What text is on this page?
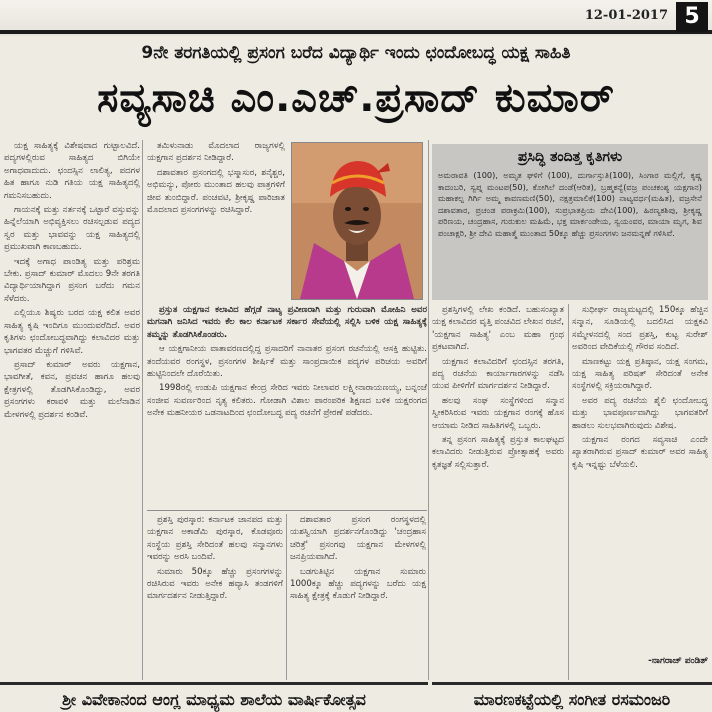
12-01-2017 5
9ನೇ ತರಗತಿಯಲ್ಲಿ ಪ್ರಸಂಗ ಬರೆದ ವಿದ್ಯಾರ್ಥಿ ಇಂದು ಛಂದೋಬದ್ಧ ಯಕ್ಷ ಸಾಹಿತಿ
ಸವ್ಯಸಾಚಿ ಎಂ.ಎಚ್.ಪ್ರಸಾದ್ ಕುಮಾರ್

ಯಕ್ಷ ಸಾಹಿತ್ಯಕ್ಕೆ ವಿಶೇಷವಾದ ಗುಟ್ಟಾಲವಿದೆ. ಪದ್ಯಗಳಲ್ಲಿರುವ ಸಾಹಿತ್ಯದ ಬಿಗಿಯೇ ಅಗಾಧವಾದುದು. ಛಂದಸ್ಸಿನ ಲಾಲಿತ್ಯ, ಪದಗಳ ಹಿತ ಹಾಗೂ ನುಡಿ ಗತಿಯ ಯಕ್ಷ ಸಾಹಿತ್ಯದಲ್ಲಿ ಗಮನಿಸಬಹುದು.

ಗಾಯನಕ್ಕೆ ಮತ್ತು ನರ್ತನಕ್ಕೆ ಒಟ್ಟಾರೆ ವಸ್ತುವನ್ನು ಹಿನ್ನೆಲೆಯಾಗಿ ಅಭಿವ್ಯಕ್ತಿಸಲು ರಚಿಸಲ್ಪಡುವ ಪದ್ಯದ ಸ್ವರ ಮತ್ತು ಭಾವವನ್ನು ಯಕ್ಷ ಸಾಹಿತ್ಯದಲ್ಲಿ ಪ್ರಮುಖವಾಗಿ ಕಾಣಬಹುದು.

ಇದಕ್ಕೆ ಅಗಾಧ ಪಾಂಡಿತ್ಯ ಮತ್ತು ಪರಿಶ್ರಮ ಬೇಕು. ಪ್ರಸಾದ್ ಕುಮಾರ್ ಮೊದಲು 9ನೇ ತರಗತಿ ವಿದ್ಯಾರ್ಥಿಯಾಗಿದ್ದಾಗ ಪ್ರಸಂಗ ಬರೆದು ಗಮನ ಸೆಳೆದರು.

ಎಲ್ಲಿಯೂ ಶಿಷ್ಯರು ಬರದ ಯಕ್ಷ ಕಲಿತ ಅವರ ಸಾಹಿತ್ಯ ಕೃಷಿ ಇಂದಿಗೂ ಮುಂದುವರೆದಿದೆ. ಅವರ ಕೃತಿಗಳು ಛಂದೋಬದ್ಧವಾಗಿದ್ದು ಕಲಾವಿದರ ಮತ್ತು ಭಾಗವತರ ಮೆಚ್ಚುಗೆ ಗಳಿಸಿವೆ.

ಪ್ರಸಾದ್ ಕುಮಾರ್ ಅವರು ಯಕ್ಷಗಾನ, ಭಾವಗೀತೆ, ಕವನ, ಪ್ರವಚನ ಹಾಗೂ ಹಲವು ಕ್ಷೇತ್ರಗಳಲ್ಲಿ ತೊಡಗಿಸಿಕೊಂಡಿದ್ದು, ಅವರ ಪ್ರಸಂಗಗಳು ಕರಾವಳಿ ಮತ್ತು ಮಲೆನಾಡಿನ ಮೇಳಗಳಲ್ಲಿ ಪ್ರದರ್ಶನ ಕಂಡಿವೆ.

ತಮಿಳುನಾಡು ಮೊದಲಾದ ರಾಜ್ಯಗಳಲ್ಲಿ ಯಕ್ಷಗಾನ ಪ್ರದರ್ಶನ ನೀಡಿದ್ದಾರೆ.

ದಶಾವತಾರ ಪ್ರಸಂಗದಲ್ಲಿ ಭಸ್ಮಾಸುರ, ಶನೈಶ್ಚರ, ಅಭಿಮನ್ಯು, ಪೋರು ಮುಂತಾದ ಹಲವು ಪಾತ್ರಗಳಿಗೆ ಜೀವ ತುಂಬಿದ್ದಾರೆ. ಪಂಚವಟಿ, ಶ್ರೀಕೃಷ್ಣ ಪಾರಿಜಾತ ಮೊದಲಾದ ಪ್ರಸಂಗಗಳನ್ನು ರಚಿಸಿದ್ದಾರೆ.

ಪ್ರಸಿದ್ಧಿ ತಂದಿತ್ತ ಕೃತಿಗಳು
ಅಮರಾವತಿ (100), ಅಮೃತ ಘಳಿಗೆ (100), ದುರ್ಗಾಸ್ತುತಿ(100), ಸಿಂಗಾರ ಮಲ್ಲಿಗೆ, ಕೃಷ್ಣ ಕಾದಂಬರಿ, ಸ್ವಪ್ನ ಮಂಟಪ(50), ಕೋಗಿಲೆ ದಂಡೆ(ಆರಿತ), ಬ್ರಹ್ಮಕನ್ಯೆ(ವಜ್ರ ಪಂಚಕಂಶ್ಯ ಯಕ್ಷಗಾನ) ಮಹಾಕಲ್ಪ ಗಿರ್ಗಿ ಅಮ್ಮ ಕಾವಣಮಣಿ(50), ನಕ್ಷತ್ರಮಾಲಿಕೆ(100) ನಾಟ್ಯವರ್ಧ(ಮಹಿತ), ವಜ್ರಸೇನೆ ದಶಾವತಾರ, ಪ್ರಚಂಡ ಪರಾಕ್ರಮಿ(100), ಸುಪ್ರಭಾತಪ್ರಿಯ ದೇವಿ(100), ಹಿರಣ್ಯಕಶಿಪು, ಶ್ರೀಕೃಷ್ಣ ಪರಿಣಯ, ಚಂದ್ರಹಾಸ, ಗುರುಕುಲ ಮಹಿಮೆ, ಭಕ್ತ ಮಾರ್ಕಂಡೇಯ, ಸ್ವಯಂವರ, ಮಾಯಾ ಮೃಗ, ಶಿವ ಪಂಚಾಕ್ಷರಿ, ಶ್ರೀ ದೇವಿ ಮಹಾತ್ಮೆ ಮುಂತಾದ 50ಕ್ಕೂ ಹೆಚ್ಚು ಪ್ರಸಂಗಗಳು ಜನಮನ್ನಣೆ ಗಳಿಸಿವೆ.

ಪ್ರಸ್ತುತ ಯಕ್ಷಗಾನ ಕಲಾವಿದ ಹೆಗ್ಗಡೆ ನಾಟ್ಯ ಪ್ರವೀಣರಾಗಿ ಮತ್ತು ಗುರುವಾಗಿ ಮೋಹಿನಿ ಅವರ ಮಗನಾಗಿ ಜನಿಸಿದ ಇವರು ಕೆಲ ಕಾಲ ಕರ್ನಾಟಕ ಸರ್ಕಾರ ಸೇವೆಯಲ್ಲಿ ಸಲ್ಲಿಸಿ ಬಳಿಕ ಯಕ್ಷ ಸಾಹಿತ್ಯಕ್ಕೆ ತಮ್ಮನ್ನು ತೊಡಗಿಸಿಕೊಂಡರು.

ಆ ಯಕ್ಷಗಾನೀಯ ವಾತಾವರಣದಲ್ಲಿದ್ದ ಪ್ರಸಾದರಿಗೆ ನಾನಾತರ ಪ್ರಸಂಗ ರಚನೆಯಲ್ಲಿ ಆಸಕ್ತಿ ಹುಟ್ಟಿತು. ತಂದೆಯವರ ರಂಗಸ್ಥಳ, ಪ್ರಸಂಗಗಳ ಶೀರ್ಷಿಕೆ ಮತ್ತು ಸಾಂಪ್ರದಾಯಿಕ ಪದ್ಯಗಳ ಪರಿಚಯ ಅವರಿಗೆ ಹುಟ್ಟಿನಿಂದಲೇ ದೊರೆಯಿತು.

1998ರಲ್ಲಿ ಉಡುಪಿ ಯಕ್ಷಗಾನ ಕೇಂದ್ರ ಸೇರಿದ ಇವರು ನೀಲಾವರ ಲಕ್ಷ್ಮೀನಾರಾಯಣಯ್ಯ, ಬನ್ನಂಜೆ ಸಂಜೀವ ಸುವರ್ಣರಿಂದ ನೃತ್ಯ ಕಲಿತರು. ಗೋಡಾಗಿ ವಿಶಾಲ ಪಾರಂಪರಿಕ ಶಿಕ್ಷಣದ ಬಳಿಕ ಯಕ್ಷರಂಗದ ಅನೇಕ ಮಹನೀಯರ ಒಡನಾಟದಿಂದ ಛಂದೋಬದ್ಧ ಪದ್ಯ ರಚನೆಗೆ ಪ್ರೇರಣೆ ಪಡೆದರು.

ಪ್ರಶಸ್ತಿ ಪುರಸ್ಕಾರ: ಕರ್ನಾಟಕ ಜಾನಪದ ಮತ್ತು ಯಕ್ಷಗಾನ ಅಕಾಡೆಮಿ ಪುರಸ್ಕಾರ, ಕೊಡವೂರು ಸಂಸ್ಥೆಯ ಪ್ರಶಸ್ತಿ ಸೇರಿದಂತೆ ಹಲವು ಸನ್ಮಾನಗಳು ಇವರನ್ನು ಅರಸಿ ಬಂದಿವೆ.

ಸುಮಾರು 50ಕ್ಕೂ ಹೆಚ್ಚು ಪ್ರಸಂಗಗಳನ್ನು ರಚಿಸಿರುವ ಇವರು ಅನೇಕ ಹವ್ಯಾಸಿ ತಂಡಗಳಿಗೆ ಮಾರ್ಗದರ್ಶನ ನೀಡುತ್ತಿದ್ದಾರೆ.

ದಶಾವತಾರ ಪ್ರಸಂಗ ರಂಗಸ್ಥಳದಲ್ಲಿ ಯಶಸ್ವಿಯಾಗಿ ಪ್ರದರ್ಶನಗೊಂಡಿದ್ದು 'ಚಂದ್ರಹಾಸ ಚರಿತ್ರೆ' ಪ್ರಸಂಗವು ಯಕ್ಷಗಾನ ಮೇಳಗಳಲ್ಲಿ ಜನಪ್ರಿಯವಾಗಿದೆ.

ಬಡಗುತಿಟ್ಟಿನ ಯಕ್ಷಗಾನ ಸುಮಾರು 1000ಕ್ಕೂ ಹೆಚ್ಚು ಪದ್ಯಗಳನ್ನು ಬರೆದು ಯಕ್ಷ ಸಾಹಿತ್ಯ ಕ್ಷೇತ್ರಕ್ಕೆ ಕೊಡುಗೆ ನೀಡಿದ್ದಾರೆ.

ಪ್ರಶಸ್ತಿಗಳಲ್ಲಿ ಲೇಖ ಕಂಡಿದೆ. ಬಹುಸಂಖ್ಯಾತ ಯಕ್ಷ ಕಲಾವಿದರ ವೃತ್ತಿ ಪಂಚವಿದ ಲೇಖನ ರಚನೆ, 'ಯಕ್ಷಗಾನ ಸಾಹಿತ್ಯ' ಎಂಬ ಮಹಾ ಗ್ರಂಥ ಪ್ರಕಟವಾಗಿದೆ.

ಯಕ್ಷಗಾನ ಕಲಾವಿದರಿಗೆ ಛಂದಸ್ಸಿನ ತರಗತಿ, ಪದ್ಯ ರಚನೆಯ ಕಾರ್ಯಾಗಾರಗಳನ್ನು ನಡೆಸಿ ಯುವ ಪೀಳಿಗೆಗೆ ಮಾರ್ಗದರ್ಶನ ನೀಡಿದ್ದಾರೆ.

ಹಲವು ಸಂಘ ಸಂಸ್ಥೆಗಳಿಂದ ಸನ್ಮಾನ ಸ್ವೀಕರಿಸಿರುವ ಇವರು ಯಕ್ಷಗಾನ ರಂಗಕ್ಕೆ ಹೊಸ ಆಯಾಮ ನೀಡಿದ ಸಾಹಿತಿಗಳಲ್ಲಿ ಒಬ್ಬರು.

ತನ್ನ ಪ್ರಸಂಗ ಸಾಹಿತ್ಯಕ್ಕೆ ಪ್ರಸ್ತುತ ಕಾಲಘಟ್ಟದ ಕಲಾವಿದರು ನೀಡುತ್ತಿರುವ ಪ್ರೋತ್ಸಾಹಕ್ಕೆ ಅವರು ಕೃತಜ್ಞತೆ ಸಲ್ಲಿಸುತ್ತಾರೆ.

ಸುಧೀರ್ಘ ರಾಜ್ಯಮಟ್ಟದಲ್ಲಿ 150ಕ್ಕೂ ಹೆಚ್ಚಿನ ಸನ್ಮಾನ, ಸೂಡಿಯಲ್ಲಿ ಬದಲಿಸಿದ ಯಕ್ಷಕವಿ ಸಮ್ಮೇಳನದಲ್ಲಿ ಸಂದ ಪ್ರಶಸ್ತಿ, ಕುಟ್ಟ ಸುರೇಶ್ ಅವರಿಂದ ವೇದಿಕೆಯಲ್ಲಿ ಗೌರವ ಸಂದಿದೆ.

ಮಾಣಕಟ್ಟು ಯಕ್ಷ ಪ್ರತಿಷ್ಠಾನ, ಯಕ್ಷ ಸಂಗಮ, ಯಕ್ಷ ಸಾಹಿತ್ಯ ಪರಿಷತ್ ಸೇರಿದಂತೆ ಅನೇಕ ಸಂಸ್ಥೆಗಳಲ್ಲಿ ಸಕ್ರಿಯರಾಗಿದ್ದಾರೆ.

ಅವರ ಪದ್ಯ ರಚನೆಯ ಶೈಲಿ ಛಂದೋಬದ್ಧ ಮತ್ತು ಭಾವಪೂರ್ಣವಾಗಿದ್ದು ಭಾಗವತರಿಗೆ ಹಾಡಲು ಸುಲಭವಾಗಿರುವುದು ವಿಶೇಷ.

ಯಕ್ಷಗಾನ ರಂಗದ ಸವ್ಯಸಾಚಿ ಎಂದೇ ಖ್ಯಾತರಾಗಿರುವ ಪ್ರಸಾದ್ ಕುಮಾರ್ ಅವರ ಸಾಹಿತ್ಯ ಕೃಷಿ ಇನ್ನಷ್ಟು ಬೆಳೆಯಲಿ.

-ನಾಗರಾಜ್ ಪಂಡಿತ್
ಶ್ರೀ ವಿವೇಕಾನಂದ ಆಂಗ್ಲ ಮಾಧ್ಯಮ ಶಾಲೆಯ ವಾರ್ಷಿಕೋತ್ಸವ	ಮಾರಣಕಟ್ಟೆಯಲ್ಲಿ ಸಂಗೀತ ರಸಮಂಜರಿ
